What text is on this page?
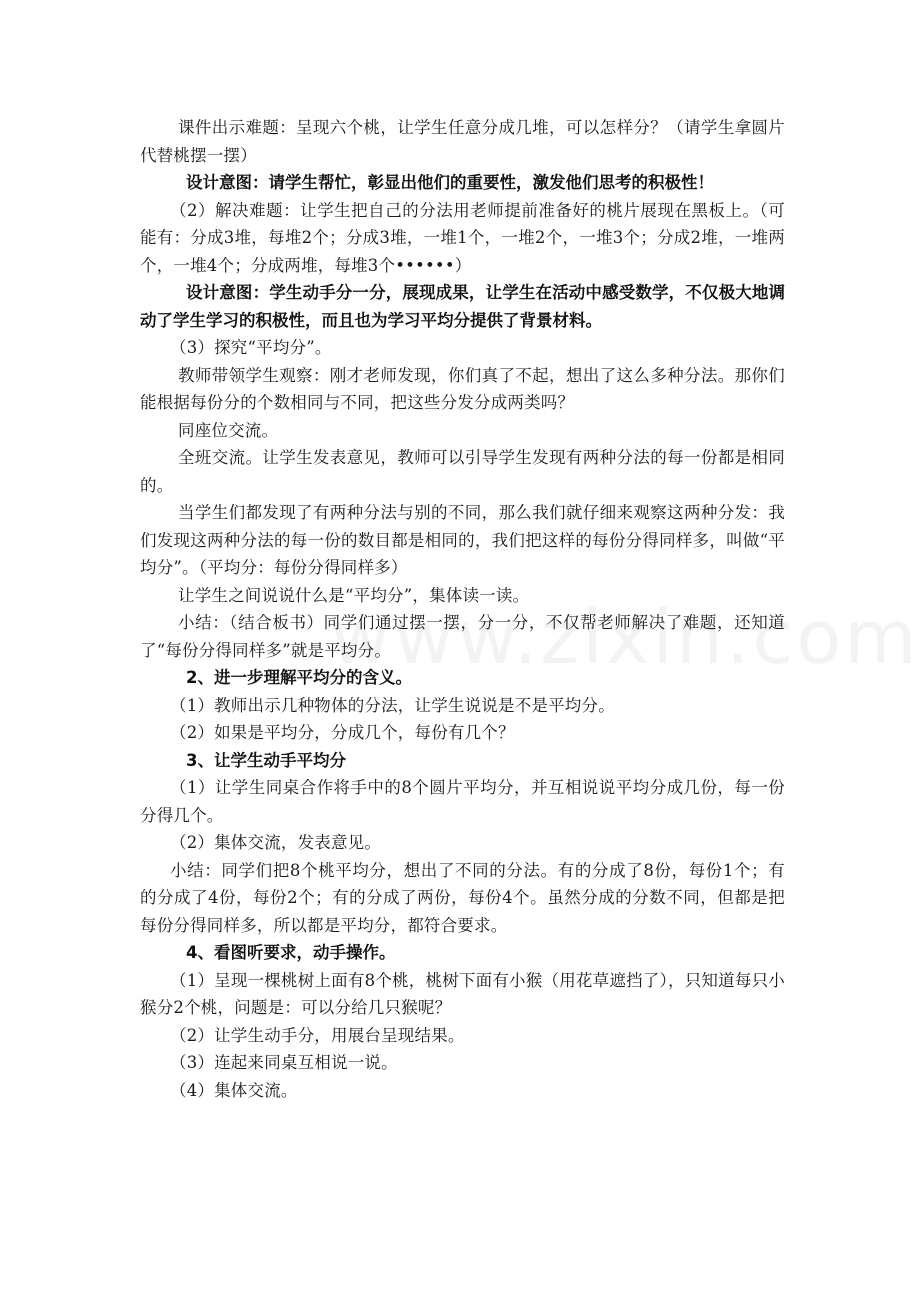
课件出示难题：呈现六个桃，让学生任意分成几堆，可以怎样分？（请学生拿圆片代替桃摆一摆）

设计意图：请学生帮忙，彰显出他们的重要性，激发他们思考的积极性！

（2）解决难题：让学生把自己的分法用老师提前准备好的桃片展现在黑板上。（可能有：分成3堆，每堆2个；分成3堆，一堆1个，一堆2个，一堆3个；分成2堆，一堆两个，一堆4个；分成两堆，每堆3个••••••）

设计意图：学生动手分一分，展现成果，让学生在活动中感受数学，不仅极大地调动了学生学习的积极性，而且也为学习平均分提供了背景材料。

（3）探究“平均分”。

教师带领学生观察：刚才老师发现，你们真了不起，想出了这么多种分法。那你们能根据每份分的个数相同与不同，把这些分发分成两类吗？

同座位交流。

全班交流。让学生发表意见，教师可以引导学生发现有两种分法的每一份都是相同的。

当学生们都发现了有两种分法与别的不同，那么我们就仔细来观察这两种分发：我们发现这两种分法的每一份的数目都是相同的，我们把这样的每份分得同样多，叫做“平均分”。（平均分：每份分得同样多）

让学生之间说说什么是“平均分”，集体读一读。

小结：（结合板书）同学们通过摆一摆，分一分，不仅帮老师解决了难题，还知道了“每份分得同样多”就是平均分。

2、进一步理解平均分的含义。

（1）教师出示几种物体的分法，让学生说说是不是平均分。

（2）如果是平均分，分成几个，每份有几个？

3、让学生动手平均分

（1）让学生同桌合作将手中的8个圆片平均分，并互相说说平均分成几份，每一份分得几个。

（2）集体交流，发表意见。

小结：同学们把8个桃平均分，想出了不同的分法。有的分成了8份，每份1个；有的分成了4份，每份2个；有的分成了两份，每份4个。虽然分成的分数不同，但都是把每份分得同样多，所以都是平均分，都符合要求。

4、看图听要求，动手操作。

（1）呈现一棵桃树上面有8个桃，桃树下面有小猴（用花草遮挡了），只知道每只小猴分2个桃，问题是：可以分给几只猴呢？

（2）让学生动手分，用展台呈现结果。

（3）连起来同桌互相说一说。

（4）集体交流。
